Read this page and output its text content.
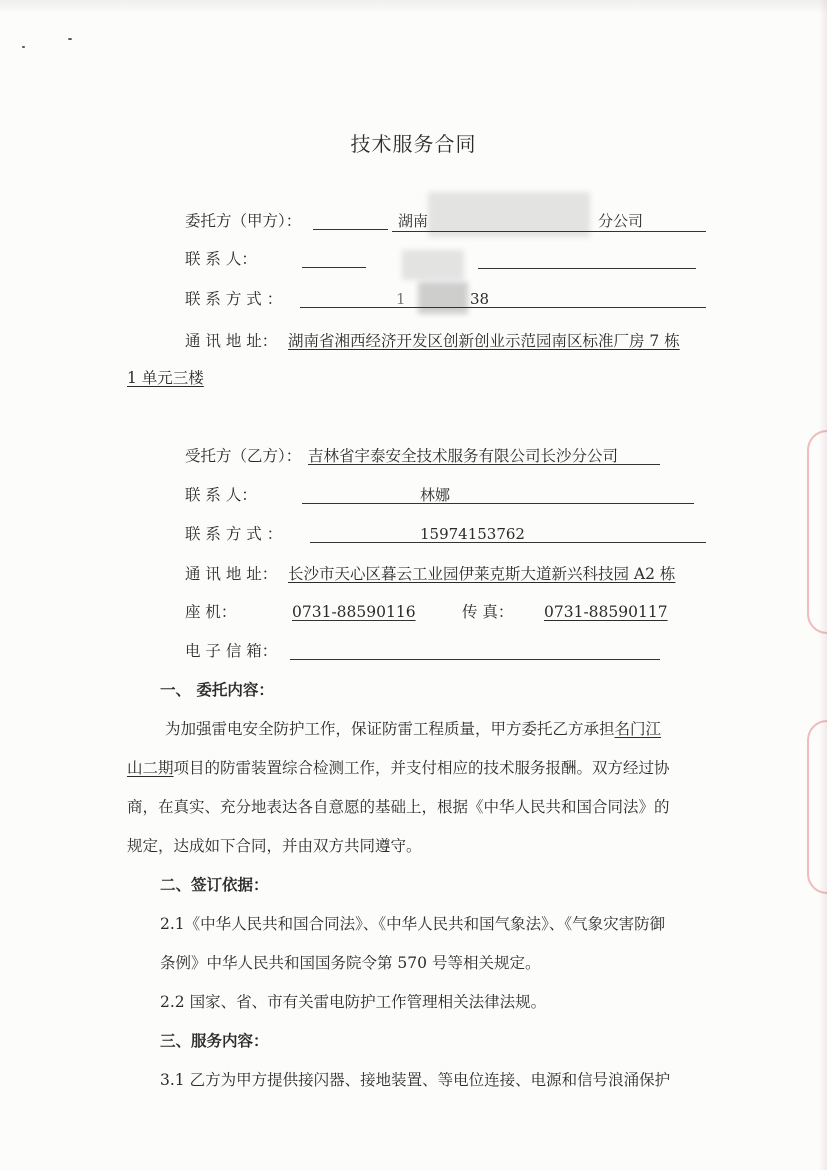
技术服务合同
委托方（甲方）：	湖南	分公司
联 系 人：
联 系 方 式 ：	1	38
通 讯 地 址： 湖南省湘西经济开发区创新创业示范园南区标准厂房 7 栋
1 单元三楼
受托方（乙方）： 吉林省宇泰安全技术服务有限公司长沙分公司
联 系 人：	林娜
联 系 方 式 ：	15974153762
通 讯 地 址： 长沙市天心区暮云工业园伊莱克斯大道新兴科技园 A2 栋
座 机：	0731-88590116	传 真： 0731-88590117
电 子 信 箱：
一、 委托内容：
为加强雷电安全防护工作，保证防雷工程质量，甲方委托乙方承担名门江
山二期项目的防雷装置综合检测工作，并支付相应的技术服务报酬。双方经过协
商，在真实、充分地表达各自意愿的基础上，根据《中华人民共和国合同法》的
规定，达成如下合同，并由双方共同遵守。
二、签订依据：
2.1《中华人民共和国合同法》、《中华人民共和国气象法》、《气象灾害防御
条例》中华人民共和国国务院令第 570 号等相关规定。
2.2 国家、省、市有关雷电防护工作管理相关法律法规。
三、服务内容：
3.1 乙方为甲方提供接闪器、接地装置、等电位连接、电源和信号浪涌保护
